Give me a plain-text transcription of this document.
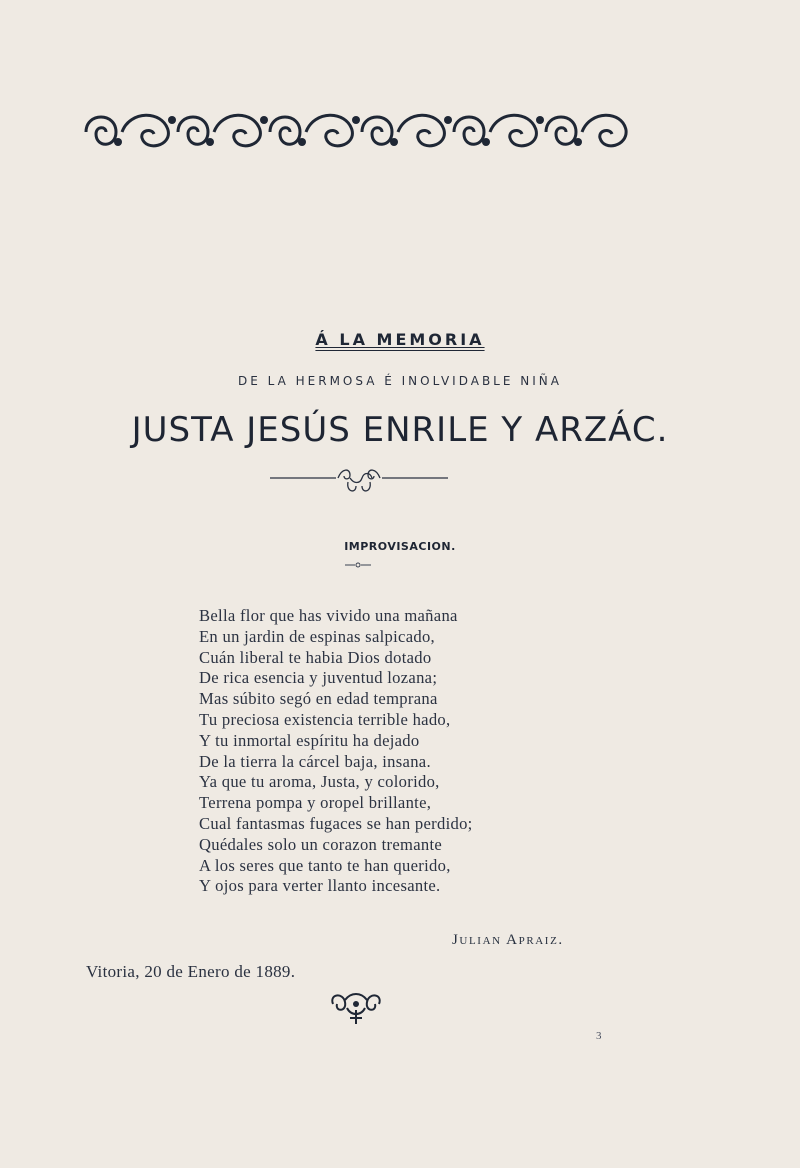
Á LA MEMORIA
DE LA HERMOSA É INOLVIDABLE NIÑA
JUSTA JESÚS ENRILE Y ARZÁC.
IMPROVISACION.
Bella flor que has vivido una mañana
En un jardin de espinas salpicado,
Cuán liberal te habia Dios dotado
De rica esencia y juventud lozana;
Mas súbito segó en edad temprana
Tu preciosa existencia terrible hado,
Y tu inmortal espíritu ha dejado
De la tierra la cárcel baja, insana.
Ya que tu aroma, Justa, y colorido,
Terrena pompa y oropel brillante,
Cual fantasmas fugaces se han perdido;
Quédales solo un corazon tremante
A los seres que tanto te han querido,
Y ojos para verter llanto incesante.
Julian Apraiz.
Vitoria, 20 de Enero de 1889.
3
